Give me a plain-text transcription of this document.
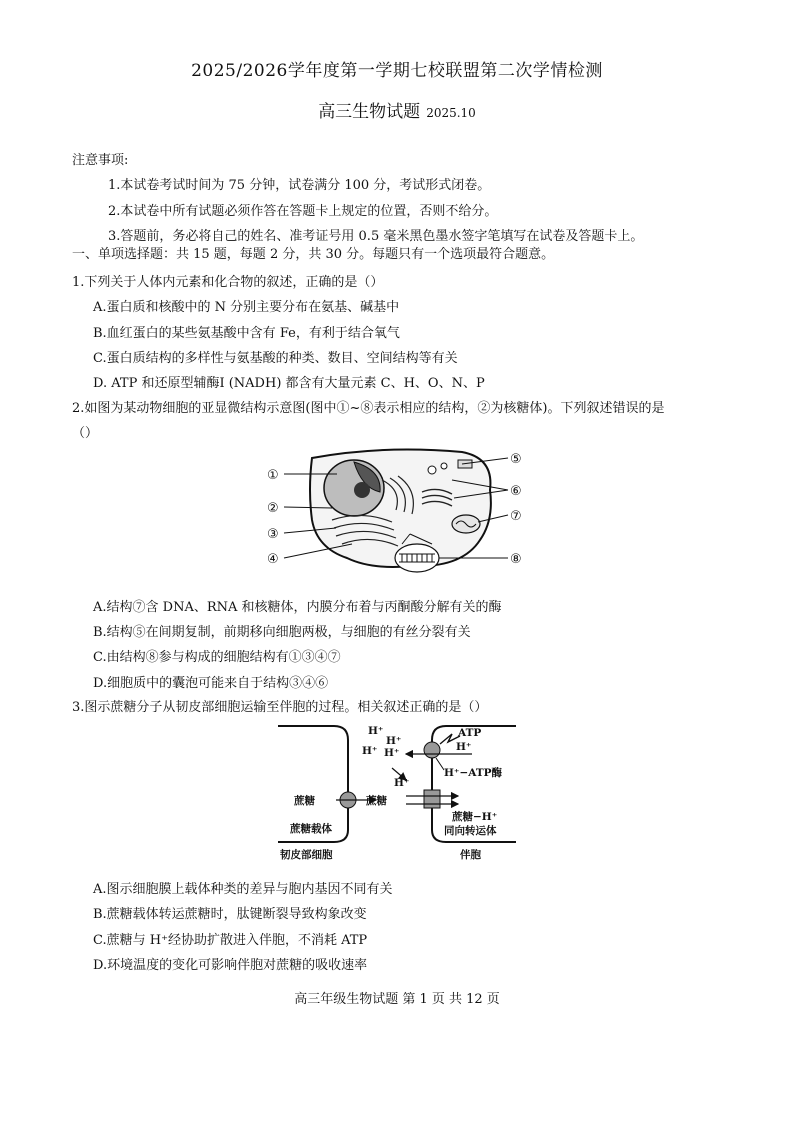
2025/2026学年度第一学期七校联盟第二次学情检测
高三生物试题 2025.10
注意事项:
1.本试卷考试时间为 75 分钟，试卷满分 100 分，考试形式闭卷。
2.本试卷中所有试题必须作答在答题卡上规定的位置，否则不给分。
3.答题前，务必将自己的姓名、准考证号用 0.5 毫米黑色墨水签字笔填写在试卷及答题卡上。
一、单项选择题：共 15 题，每题 2 分，共 30 分。每题只有一个选项最符合题意。
1.下列关于人体内元素和化合物的叙述，正确的是（）
A.蛋白质和核酸中的 N 分别主要分布在氨基、碱基中
B.血红蛋白的某些氨基酸中含有 Fe，有利于结合氧气
C.蛋白质结构的多样性与氨基酸的种类、数目、空间结构等有关
D. ATP 和还原型辅酶Ⅰ (NADH) 都含有大量元素 C、H、O、N、P
2.如图为某动物细胞的亚显微结构示意图(图中①~⑧表示相应的结构，②为核糖体)。下列叙述错误的是
（）
①
②
③
④
⑤
⑥
⑦
⑧
A.结构⑦含 DNA、RNA 和核糖体，内膜分布着与丙酮酸分解有关的酶
B.结构⑤在间期复制，前期移向细胞两极，与细胞的有丝分裂有关
C.由结构⑧参与构成的细胞结构有①③④⑦
D.细胞质中的囊泡可能来自于结构③④⑥
3.图示蔗糖分子从韧皮部细胞运输至伴胞的过程。相关叙述正确的是（）
H⁺
H⁺
H⁺ H⁺
H⁺
H⁺
ATP
H⁺−ATP酶
蔗糖	蔗糖
蔗糖载体
蔗糖−H⁺
同向转运体
韧皮部细胞	伴胞
A.图示细胞膜上载体种类的差异与胞内基因不同有关
B.蔗糖载体转运蔗糖时，肽键断裂导致构象改变
C.蔗糖与 H⁺经协助扩散进入伴胞，不消耗 ATP
D.环境温度的变化可影响伴胞对蔗糖的吸收速率
高三年级生物试题 第 1 页 共 12 页
